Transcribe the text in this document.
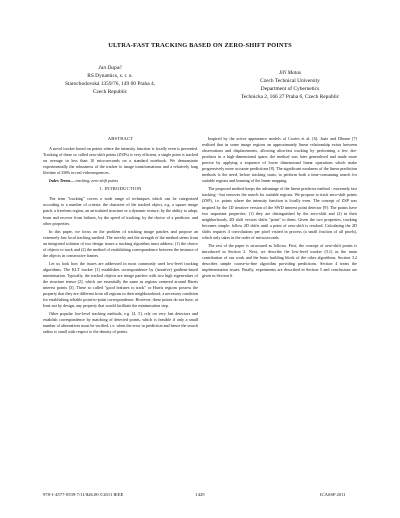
ULTRA-FAST TRACKING BASED ON ZERO-SHIFT POINTS
Jan Dupač
RS Dynamics, s. r. o.
Starochodovská 1359/76, 149 00 Praha 4,
Czech Republic
Jiří Matas
Czech Technical University
Department of Cybernetics
Technicka 2, 166 27 Praha 6, Czech Republic
ABSTRACT

A novel tracker based on points where the intensity function is locally even is presented. Tracking of these so called zero-shift points (ZSPs) is very efficient, a single point is tracked on average in less than 10 microseconds on a standard notebook. We demonstrate experimentally the robustness of the tracker to image transformations and a relatively long lifetime of ZSPs in real videosequences.

Index Terms— tracking, zero-shift points

1. INTRODUCTION

The term "tracking" covers a wide range of techniques which can be categorized according to a number of criteria: the character of the tracked object, e.g. a square image patch, a freeform region, an articulated structure or a dynamic texture, by the ability to adapt, learn and recover from failures, by the speed of tracking, by the choice of a predictor, and other properties.

In this paper, we focus on the problem of tracking image patches and propose an extremely fast local tracking method. The novelty and the strength of the method stems from an integrated solution of two design issues a tracking algorithm must address: (1) the choice of objects to track and (2) the method of establishing correspondence between the instance of the objects in consecutive frames.

Let us look how the issues are addressed in most commonly used low-level tracking algorithms. The KLT tracker [1] establishes correspondence by (iterative) gradient-based minimisation. Typically, the tracked objects are image patches with two high eigenvalues of the structure tensor [2], which are essentially the same as regions centered around Harris interest points [3]. These so called "good features to track" or Harris regions possess the property that they are different from all regions in their neighbourhood, a necessary condition for establishing reliable point-to-point correspondence. However, these points do not have, at least not by design, any property that would facilitate the minimisation step.

Other popular low-level tracking methods, e.g. [4, 5], rely on very fast detectors and establish correspondence by matching of detected points, which is feasible if only a small number of alternatives must be verified, i.e. when the error in prediction and hence the search radius is small with respect to the density of points.

Inspired by the active appearance models of Cootes et al. [6], Jurie and Dhome [7] realised that in some image regions an approximately linear relationship exists between observations and displacements, allowing ultra-fast tracking by performing a few dot-products in a high-dimensional space; the method was later generalised and made more precise by applying a sequence of lower dimensional linear operations which make progressively more accurate predictions [8]. The significant weakness of the linear prediction methods is the need, before tracking starts, to perform both a time-consuming search for suitable regions and learning of the linear mapping.

The proposed method keeps the advantage of the linear predictor method - extremely fast tracking - but removes the search for suitable regions. We propose to track zero-shift points (ZSP), i.e. points where the intensity function is locally even. The concept of ZSP was inspired by the 1D iterative version of the SWD interest point detector [9]. The points have two important properties: (1) they are distinguished by the zero-shift and (2) in their neighborhoods, 2D shift vectors shifts "point" to them. Given the two properties, tracking becomes simple: follow 2D shifts until a point of zero-shift is reached. Calculating the 2D shifts requires 4 convolutions per pixel visited in process (a small fraction of all pixels), which only takes in the order of microseconds.

The rest of the paper is structured as follows. First, the concept of zero-shift points is introduced in Section 2. Next, we describe the low-level tracker (3.1) as the main contribution of our work and the basic building block of the other algorithms. Section 3.2 describes simple coarse-to-fine algorithm providing predictions. Section 4 treats the implementation issues. Finally, experiments are described in Section 5 and conclusions are given in Section 6.

978-1-4577-0539-7/11/$26.00 ©2011 IEEE	1429	ICASSP 2011
